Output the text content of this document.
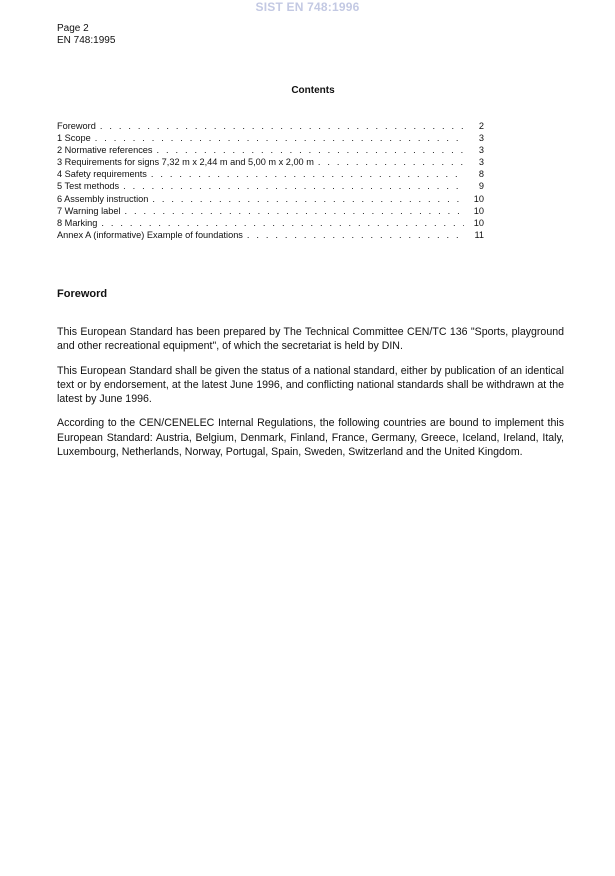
SIST EN 748:1996
Page 2
EN 748:1995
Contents
Foreword . . .	2
1 Scope . . .	3
2 Normative references . . .	3
3 Requirements for signs 7,32 m x 2,44 m and 5,00 m x 2,00 m . . .	3
4 Safety requirements . . .	8
5 Test methods . . .	9
6 Assembly instruction . . .	10
7 Warning label . . .	10
8 Marking . . .	10
Annex A (informative) Example of foundations . . .	11
Foreword

This European Standard has been prepared by The Technical Committee CEN/TC 136 "Sports, playground and other recreational equipment", of which the secretariat is held by DIN.

This European Standard shall be given the status of a national standard, either by publication of an identical text or by endorsement, at the latest June 1996, and conflicting national standards shall be withdrawn at the latest by June 1996.

According to the CEN/CENELEC Internal Regulations, the following countries are bound to implement this European Standard: Austria, Belgium, Denmark, Finland, France, Germany, Greece, Iceland, Ireland, Italy, Luxembourg, Netherlands, Norway, Portugal, Spain, Sweden, Switzerland and the United Kingdom.
